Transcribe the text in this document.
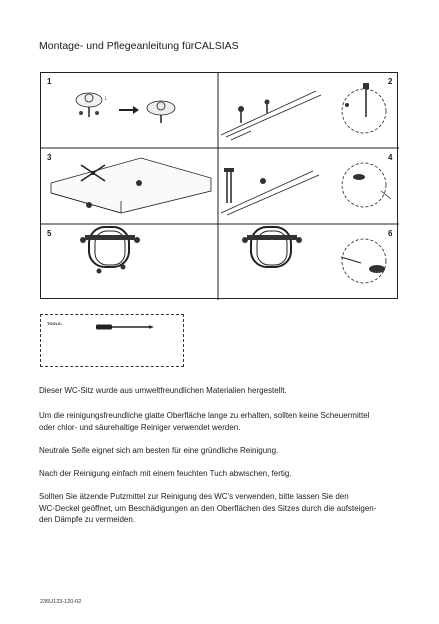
Montage- und Pflegeanleitung fürCALSIAS
↓
1	2
3	4
5	6
TOOLS:
Dieser WC-Sitz wurde aus umweltfreundlichen Materialien hergestellt.
Um die reinigungsfreundliche glatte Oberfläche lange zu erhalten, sollten keine Scheuermittel
oder chlor- und säurehaltige Reiniger verwendet werden.
Neutrale Seife eignet sich am besten für eine gründliche Reinigung.
Nach der Reinigung einfach mit einem feuchten Tuch abwischen, fertig.
Sollten Sie ätzende Putzmittel zur Reinigung des WC's verwenden, bitte lassen Sie den
WC-Deckel geöffnet, um Beschädigungen an den Oberflächen des Sitzes durch die aufsteigen-
den Dämpfe zu vermeiden.
236U123-120-02
